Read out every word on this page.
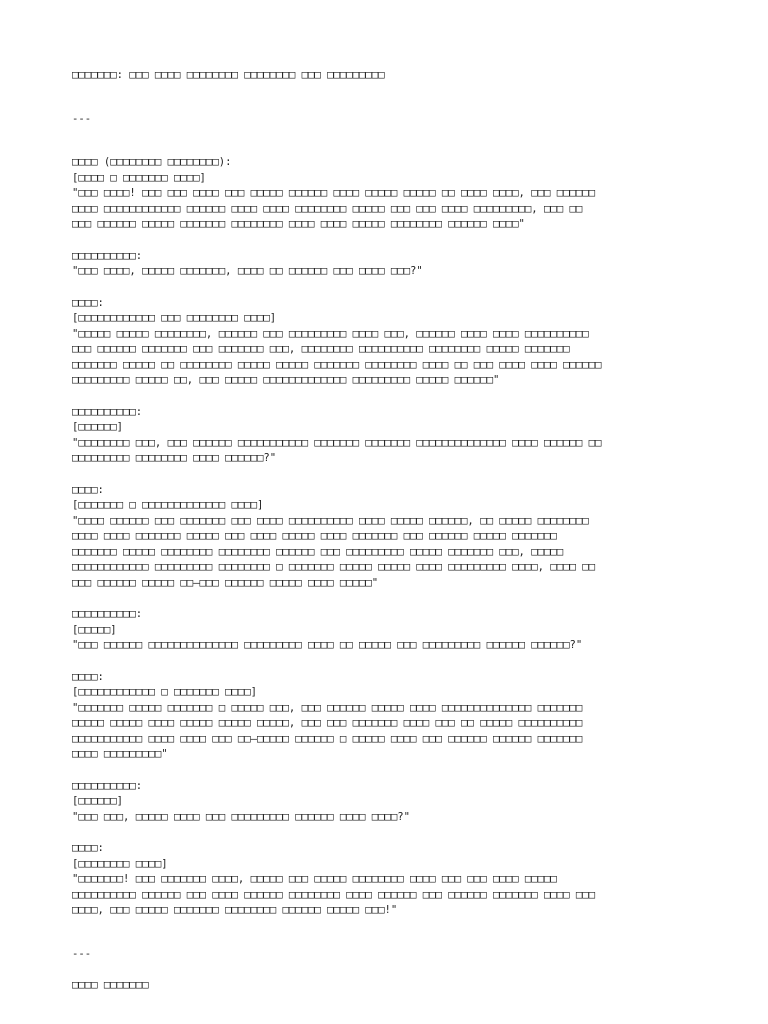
□□□□□□□: □□□ □□□□ □□□□□□□□ □□□□□□□□ □□□ □□□□□□□□□
---
□□□□ (□□□□□□□□ □□□□□□□□):
[□□□□ □ □□□□□□□ □□□□]
"□□□ □□□□! □□□ □□□ □□□□ □□□ □□□□□ □□□□□□ □□□□ □□□□□ □□□□□ □□ □□□□ □□□□, □□□ □□□□□□
□□□□ □□□□□□□□□□□□ □□□□□□ □□□□ □□□□ □□□□□□□□ □□□□□ □□□ □□□ □□□□ □□□□□□□□□, □□□ □□
□□□ □□□□□□ □□□□□ □□□□□□□ □□□□□□□□ □□□□ □□□□ □□□□□ □□□□□□□□ □□□□□□ □□□□"
□□□□□□□□□□:
"□□□ □□□□, □□□□□ □□□□□□□, □□□□ □□ □□□□□□ □□□ □□□□ □□□?"
□□□□:
[□□□□□□□□□□□□ □□□ □□□□□□□□ □□□□]
"□□□□□ □□□□□ □□□□□□□□, □□□□□□ □□□ □□□□□□□□□ □□□□ □□□, □□□□□□ □□□□ □□□□ □□□□□□□□□□
□□□ □□□□□□ □□□□□□□ □□□ □□□□□□□ □□□, □□□□□□□□ □□□□□□□□□□ □□□□□□□□ □□□□□ □□□□□□□
□□□□□□□ □□□□□ □□ □□□□□□□□ □□□□□ □□□□□ □□□□□□□ □□□□□□□□ □□□□ □□ □□□ □□□□ □□□□ □□□□□□
□□□□□□□□□ □□□□□ □□, □□□ □□□□□ □□□□□□□□□□□□□ □□□□□□□□□ □□□□□ □□□□□□"
□□□□□□□□□□:
[□□□□□□]
"□□□□□□□□ □□□, □□□ □□□□□□ □□□□□□□□□□□ □□□□□□□ □□□□□□□ □□□□□□□□□□□□□□ □□□□ □□□□□□ □□
□□□□□□□□□ □□□□□□□□ □□□□ □□□□□□?"
□□□□:
[□□□□□□□ □ □□□□□□□□□□□□□ □□□□]
"□□□□ □□□□□□ □□□ □□□□□□□ □□□ □□□□ □□□□□□□□□□ □□□□ □□□□□ □□□□□□, □□ □□□□□ □□□□□□□□
□□□□ □□□□ □□□□□□□ □□□□□ □□□ □□□□ □□□□□ □□□□ □□□□□□□ □□□ □□□□□□ □□□□□ □□□□□□□
□□□□□□□ □□□□□ □□□□□□□□ □□□□□□□□ □□□□□□ □□□ □□□□□□□□□ □□□□□ □□□□□□□ □□□, □□□□□
□□□□□□□□□□□□ □□□□□□□□□ □□□□□□□□ □ □□□□□□□ □□□□□ □□□□□ □□□□ □□□□□□□□□ □□□□, □□□□ □□
□□□ □□□□□□ □□□□□ □□—□□□ □□□□□□ □□□□□ □□□□ □□□□□"
□□□□□□□□□□:
[□□□□□]
"□□□ □□□□□□ □□□□□□□□□□□□□□ □□□□□□□□□ □□□□ □□ □□□□□ □□□ □□□□□□□□□ □□□□□□ □□□□□□?"
□□□□:
[□□□□□□□□□□□□ □ □□□□□□□ □□□□]
"□□□□□□□ □□□□□ □□□□□□□ □ □□□□□ □□□, □□□ □□□□□□ □□□□□ □□□□ □□□□□□□□□□□□□□ □□□□□□□
□□□□□ □□□□□ □□□□ □□□□□ □□□□□ □□□□□, □□□ □□□ □□□□□□□ □□□□ □□□ □□ □□□□□ □□□□□□□□□□
□□□□□□□□□□□ □□□□ □□□□ □□□ □□—□□□□□ □□□□□□ □ □□□□□ □□□□ □□□ □□□□□□ □□□□□□ □□□□□□□
□□□□ □□□□□□□□□"
□□□□□□□□□□:
[□□□□□□]
"□□□ □□□, □□□□□ □□□□ □□□ □□□□□□□□□ □□□□□□ □□□□ □□□□?"
□□□□:
[□□□□□□□□ □□□□]
"□□□□□□□! □□□ □□□□□□□ □□□□, □□□□□ □□□ □□□□□ □□□□□□□□ □□□□ □□□ □□□ □□□□ □□□□□
□□□□□□□□□□ □□□□□□ □□□ □□□□ □□□□□□ □□□□□□□□ □□□□ □□□□□□ □□□ □□□□□□ □□□□□□□ □□□□ □□□
□□□□, □□□ □□□□□ □□□□□□□ □□□□□□□□ □□□□□□ □□□□□ □□□!"
---
□□□□ □□□□□□□
